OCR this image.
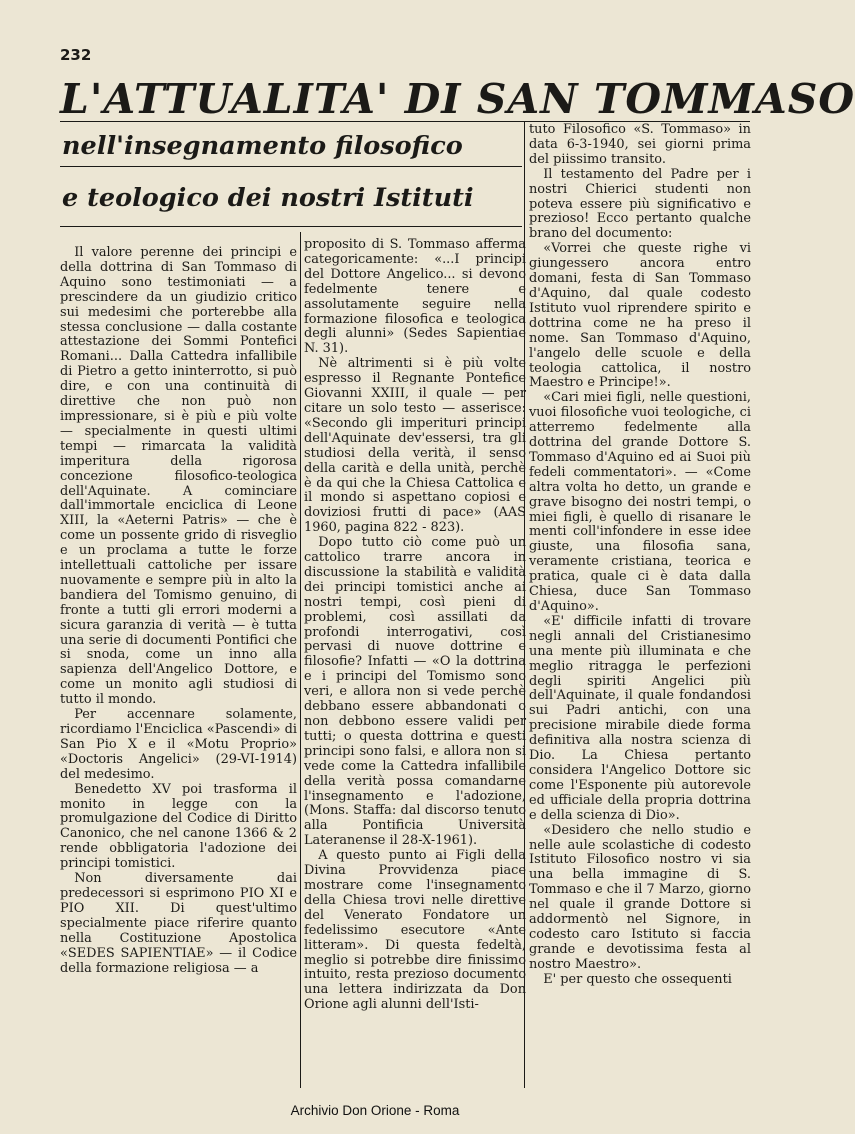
232
L'ATTUALITA' DI SAN TOMMASO
nell'insegnamento filosofico
e teologico dei nostri Istituti

Il valore perenne dei principi e della dottrina di San Tommaso di Aquino sono testimoniati — a prescindere da un giudizio critico sui medesimi che porterebbe alla stessa conclusione — dalla costante attestazione dei Sommi Pontefici Romani... Dalla Cattedra infallibile di Pietro a getto ininterrotto, si può dire, e con una continuità di direttive che non può non impressionare, si è più e più volte — specialmente in questi ultimi tempi — rimarcata la validità imperitura della rigorosa concezione filosofico-teologica dell'Aquinate. A cominciare dall'immortale enciclica di Leone XIII, la «Aeterni Patris» — che è come un possente grido di risveglio e un proclama a tutte le forze intellettuali cattoliche per issare nuovamente e sempre più in alto la bandiera del Tomismo genuino, di fronte a tutti gli errori moderni a sicura garanzia di verità — è tutta una serie di documenti Pontifici che si snoda, come un inno alla sapienza dell'Angelico Dottore, e come un monito agli studiosi di tutto il mondo.

Per accennare solamente, ricordiamo l'Enciclica «Pascendi» di San Pio X e il «Motu Proprio» «Doctoris Angelici» (29-VI-1914) del medesimo.

Benedetto XV poi trasforma il monito in legge con la promulgazione del Codice di Diritto Canonico, che nel canone 1366 & 2 rende obbligatoria l'adozione dei principi tomistici.

Non diversamente dai predecessori si esprimono PIO XI e PIO XII. Di quest'ultimo specialmente piace riferire quanto nella Costituzione Apostolica «SEDES SAPIENTIAE» — il Codice della formazione religiosa — a

proposito di S. Tommaso afferma categoricamente: «...I principi del Dottore Angelico... si devono fedelmente tenere e assolutamente seguire nella formazione filosofica e teologica degli alunni» (Sedes Sapientiae N. 31).

Nè altrimenti si è più volte espresso il Regnante Pontefice Giovanni XXIII, il quale — per citare un solo testo — asserisce: «Secondo gli imperituri principi dell'Aquinate dev'essersi, tra gli studiosi della verità, il senso della carità e della unità, perchè è da qui che la Chiesa Cattolica e il mondo si aspettano copiosi e doviziosi frutti di pace» (AAS 1960, pagina 822 - 823).

Dopo tutto ciò come può un cattolico trarre ancora in discussione la stabilità e validità dei principi tomistici anche ai nostri tempi, così pieni di problemi, così assillati da profondi interrogativi, così pervasi di nuove dottrine e filosofie? Infatti — «O la dottrina e i principi del Tomismo sono veri, e allora non si vede perchè debbano essere abbandonati o non debbono essere validi per tutti; o questa dottrina e questi principi sono falsi, e allora non si vede come la Cattedra infallibile della verità possa comandarne l'insegnamento e l'adozione, (Mons. Staffa: dal discorso tenuto alla Pontificia Università Lateranense il 28-X-1961).

A questo punto ai Figli della Divina Provvidenza piace mostrare come l'insegnamento della Chiesa trovi nelle direttive del Venerato Fondatore un fedelissimo esecutore «Ante litteram». Di questa fedeltà, meglio si potrebbe dire finissimo intuito, resta prezioso documento una lettera indirizzata da Don Orione agli alunni dell'Isti-

tuto Filosofico «S. Tommaso» in data 6-3-1940, sei giorni prima del piissimo transito.

Il testamento del Padre per i nostri Chierici studenti non poteva essere più significativo e prezioso! Ecco pertanto qualche brano del documento:

«Vorrei che queste righe vi giungessero ancora entro domani, festa di San Tommaso d'Aquino, dal quale codesto Istituto vuol riprendere spirito e dottrina come ne ha preso il nome. San Tommaso d'Aquino, l'angelo delle scuole e della teologia cattolica, il nostro Maestro e Principe!».

«Cari miei figli, nelle questioni, vuoi filosofiche vuoi teologiche, ci atterremo fedelmente alla dottrina del grande Dottore S. Tommaso d'Aquino ed ai Suoi più fedeli commentatori». — «Come altra volta ho detto, un grande e grave bisogno dei nostri tempi, o miei figli, è quello di risanare le menti coll'infondere in esse idee giuste, una filosofia sana, veramente cristiana, teorica e pratica, quale ci è data dalla Chiesa, duce San Tommaso d'Aquino».

«E' difficile infatti di trovare negli annali del Cristianesimo una mente più illuminata e che meglio ritragga le perfezioni degli spiriti Angelici più dell'Aquinate, il quale fondandosi sui Padri antichi, con una precisione mirabile diede forma definitiva alla nostra scienza di Dio. La Chiesa pertanto considera l'Angelico Dottore sic come l'Esponente più autorevole ed ufficiale della propria dottrina e della scienza di Dio».

«Desidero che nello studio e nelle aule scolastiche di codesto Istituto Filosofico nostro vi sia una bella immagine di S. Tommaso e che il 7 Marzo, giorno nel quale il grande Dottore si addormentò nel Signore, in codesto caro Istituto si faccia grande e devotissima festa al nostro Maestro».

E' per questo che ossequenti

Archivio Don Orione - Roma
